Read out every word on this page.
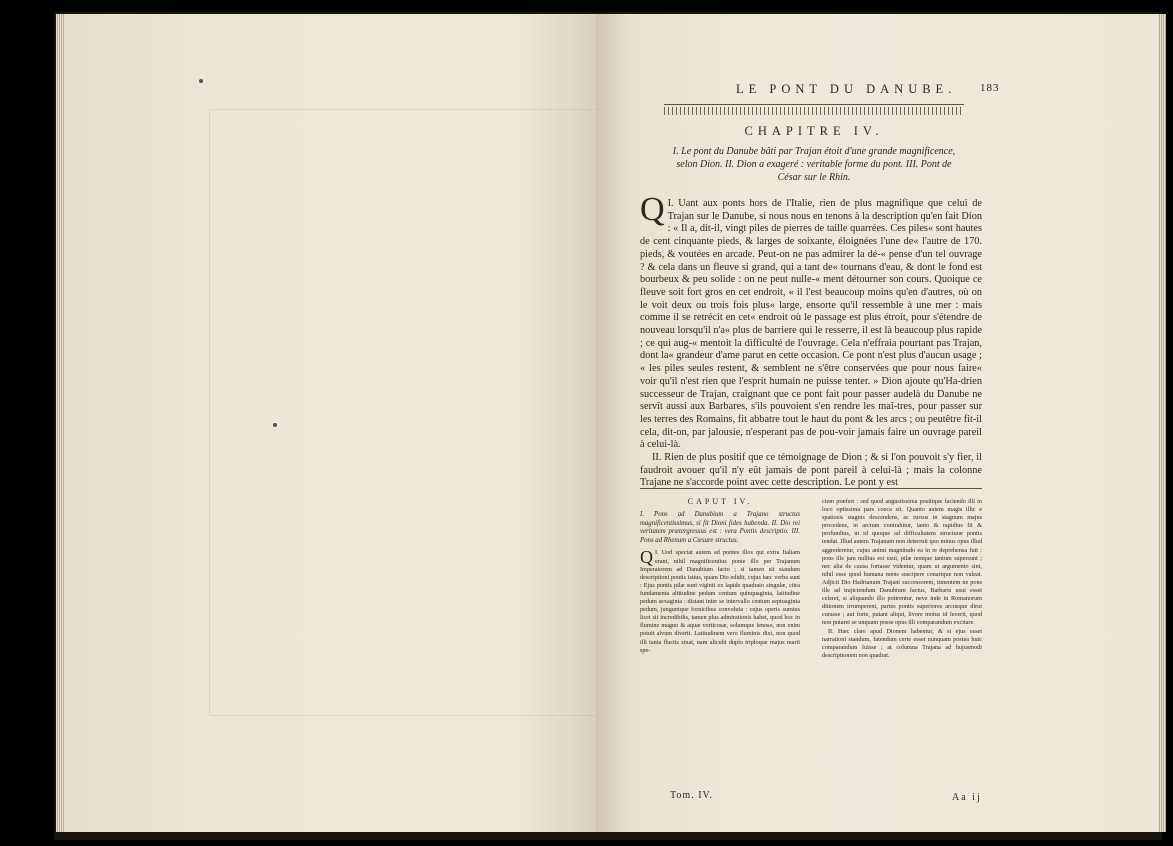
LE PONT DU DANUBE. 183
CHAPITRE IV.
I. Le pont du Danube bâti par Trajan étoit d'une grande magnificence, selon Dion. II. Dion a exageré : veritable forme du pont. III. Pont de César sur le Rhin.
Q I. Uant aux ponts hors de l'Italie, rien de plus magnifique que celui de Trajan sur le Danube, si nous nous en tenons à la description qu'en fait Dion : « Il a, dit-il, vingt piles de pierres de taille quarrées. Ces piles« sont hautes de cent cinquante pieds, & larges de soixante, éloignées l'une de« l'autre de 170. pieds, & voutées en arcade. Peut-on ne pas admirer la dé-« pense d'un tel ouvrage ? & cela dans un fleuve si grand, qui a tant de« tournans d'eau, & dont le fond est bourbeux & peu solide : on ne peut nulle-« ment détourner son cours. Quoique ce fleuve soit fort gros en cet endroit, « il l'est beaucoup moins qu'en d'autres, où on le voit deux ou trois fois plus« large, ensorte qu'il ressemble à une mer : mais comme il se retrécit en cet« endroit où le passage est plus étroit, pour s'étendre de nouveau lorsqu'il n'a« plus de barriere qui le resserre, il est là beaucoup plus rapide ; ce qui aug-« mentoit la difficulté de l'ouvrage. Cela n'effraia pourtant pas Trajan, dont la« grandeur d'ame parut en cette occasion. Ce pont n'est plus d'aucun usage ; « les piles seules restent, & semblent ne s'être conservées que pour nous faire« voir qu'il n'est rien que l'esprit humain ne puisse tenter. » Dion ajoute qu'Ha-drien successeur de Trajan, craignant que ce pont fait pour passer audelà du Danube ne servît aussi aux Barbares, s'ils pouvoient s'en rendre les maî-tres, pour passer sur les terres des Romains, fit abbatre tout le haut du pont & les arcs ; ou peutêtre fit-il cela, dit-on, par jalousie, n'esperant pas de pou-voir jamais faire un ouvrage pareil à celui-là.

II. Rien de plus positif que ce témoignage de Dion ; & si l'on pouvoit s'y fier, il faudroit avouer qu'il n'y eût jamais de pont pareil à celui-là ; mais la colonne Trajane ne s'accorde point avec cette description. Le pont y est

CAPUT IV.
I. Pons ad Danubium a Trajano structus magnificentissimus, si fit Dioni fides habenda. II. Dio rei veritatem prætergressus est : vera Pontis descriptio. III. Pons ad Rhenum a Cæsare structus.
Q I. Uod spectat autem ad pontes illos qui extra Italiam erant, nihil magnificentius ponte illo per Trajanum Imperatorem ad Danubium facto ; si tamen sit standum descriptioni pontis istius, quam Dio edidit, cujus hæc verba sunt : Ejus pontis pilæ sunt viginti ex lapide quadrato singulæ, citra fundamenta altitudine pedum centum quinquaginta, latitudine pedum sexaginta : distant inter se intervallo centum septuaginta pedum, junguntque fornicibus convoluta : cujus operis sumtus licet sit incredibilis, tamen plus admirationis habet, quod hoc in flumine magno & aquæ vorticosæ, solumque lenoso, non enim potuit alvum diverti. Latitudinem vero fluminis dixi, non quod illi tanta fluctis sinat, nam alicubi duplo triploque majus marii spe-

ciem præfert : sed quod angustissima positique faciendo illi in loco optissima pars coeca sit. Quanto autem magis illic e spatiosis stagnis descendens, ac rursus in stagnum majus procedens, in arctum contrahitur, tanto & rapidius fit & profundius, ut id quoque ad difficultatem structuræ pontis tendat. Illud autem Trajanum non deterruit quo minus opus illud aggrederetur, cujus animi magnitudo ea in re deprehensa fuit : pons ille jam nullius est usui, pilæ nonque tantum supersunt ; nec alia de causa fortasse videntur, quam ut argumento sint, nihil esse quod humana mens suscipere conarique non valeat. Adjicit Dio Hadrianum Trajani successorem, timentem ne pons ille ad trajiciendum Danubium factus, Barbaris usui esset celeret, si aliquando illo potirentur, neve inde in Romanorum ditionem irrumperent, partes pontis superiores arcusque dirui curasse ; aut forte, putant aliqui, livore motus id fecerit, quod non putaret se unquam posse opus illi comparandum excitare.

II. Hæc clare apud Dionem habentur, & si ejus esset narrationi standum, fatendum certe esset nunquam postea huic comparandum fuisse ; at columna Trajana ad hujusmodi descriptionem non quadrat.

Tom. IV.	Aa ij
